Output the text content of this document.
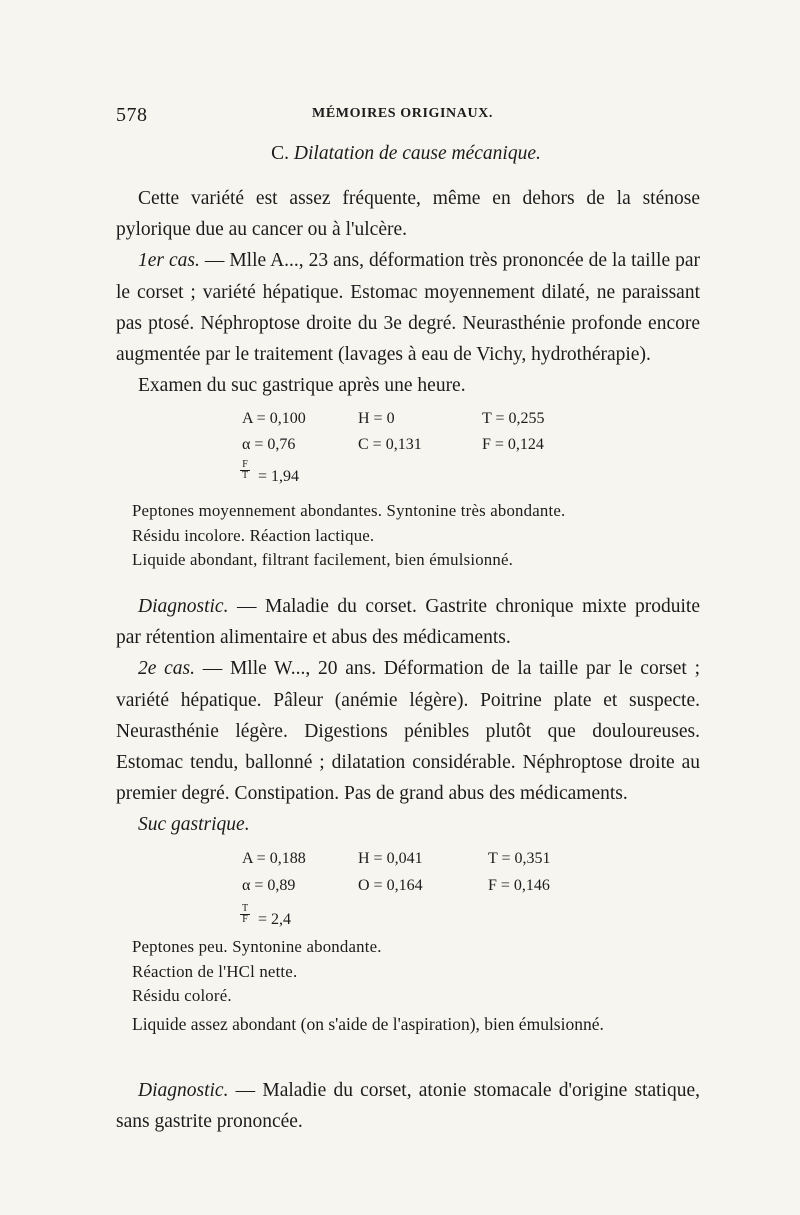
578	MÉMOIRES ORIGINAUX.
C. Dilatation de cause mécanique.

Cette variété est assez fréquente, même en dehors de la sténose pylorique due au cancer ou à l'ulcère.

1er cas. — Mlle A..., 23 ans, déformation très prononcée de la taille par le corset ; variété hépatique. Estomac moyennement dilaté, ne paraissant pas ptosé. Néphroptose droite du 3e degré. Neurasthénie profonde encore augmentée par le traitement (lavages à eau de Vichy, hydrothérapie).

Examen du suc gastrique après une heure.

A = 0,100	H = 0	T = 0,255
α = 0,76	C = 0,131	F = 0,124
$\frac{F}{T} = 1,94$

Peptones moyennement abondantes. Syntonine très abondante.

Résidu incolore. Réaction lactique.

Liquide abondant, filtrant facilement, bien émulsionné.

Diagnostic. — Maladie du corset. Gastrite chronique mixte produite par rétention alimentaire et abus des médicaments.

2e cas. — Mlle W..., 20 ans. Déformation de la taille par le corset ; variété hépatique. Pâleur (anémie légère). Poitrine plate et suspecte. Neurasthénie légère. Digestions pénibles plutôt que douloureuses. Estomac tendu, ballonné ; dilatation considérable. Néphroptose droite au premier degré. Constipation. Pas de grand abus des médicaments.

Suc gastrique.

A = 0,188	H = 0,041	T = 0,351
α = 0,89	O = 0,164	F = 0,146
$\frac{T}{F} = 2,4$

Peptones peu. Syntonine abondante.

Réaction de l'HCl nette.

Résidu coloré.

Liquide assez abondant (on s'aide de l'aspiration), bien émulsionné.

Diagnostic. — Maladie du corset, atonie stomacale d'origine statique, sans gastrite prononcée.
